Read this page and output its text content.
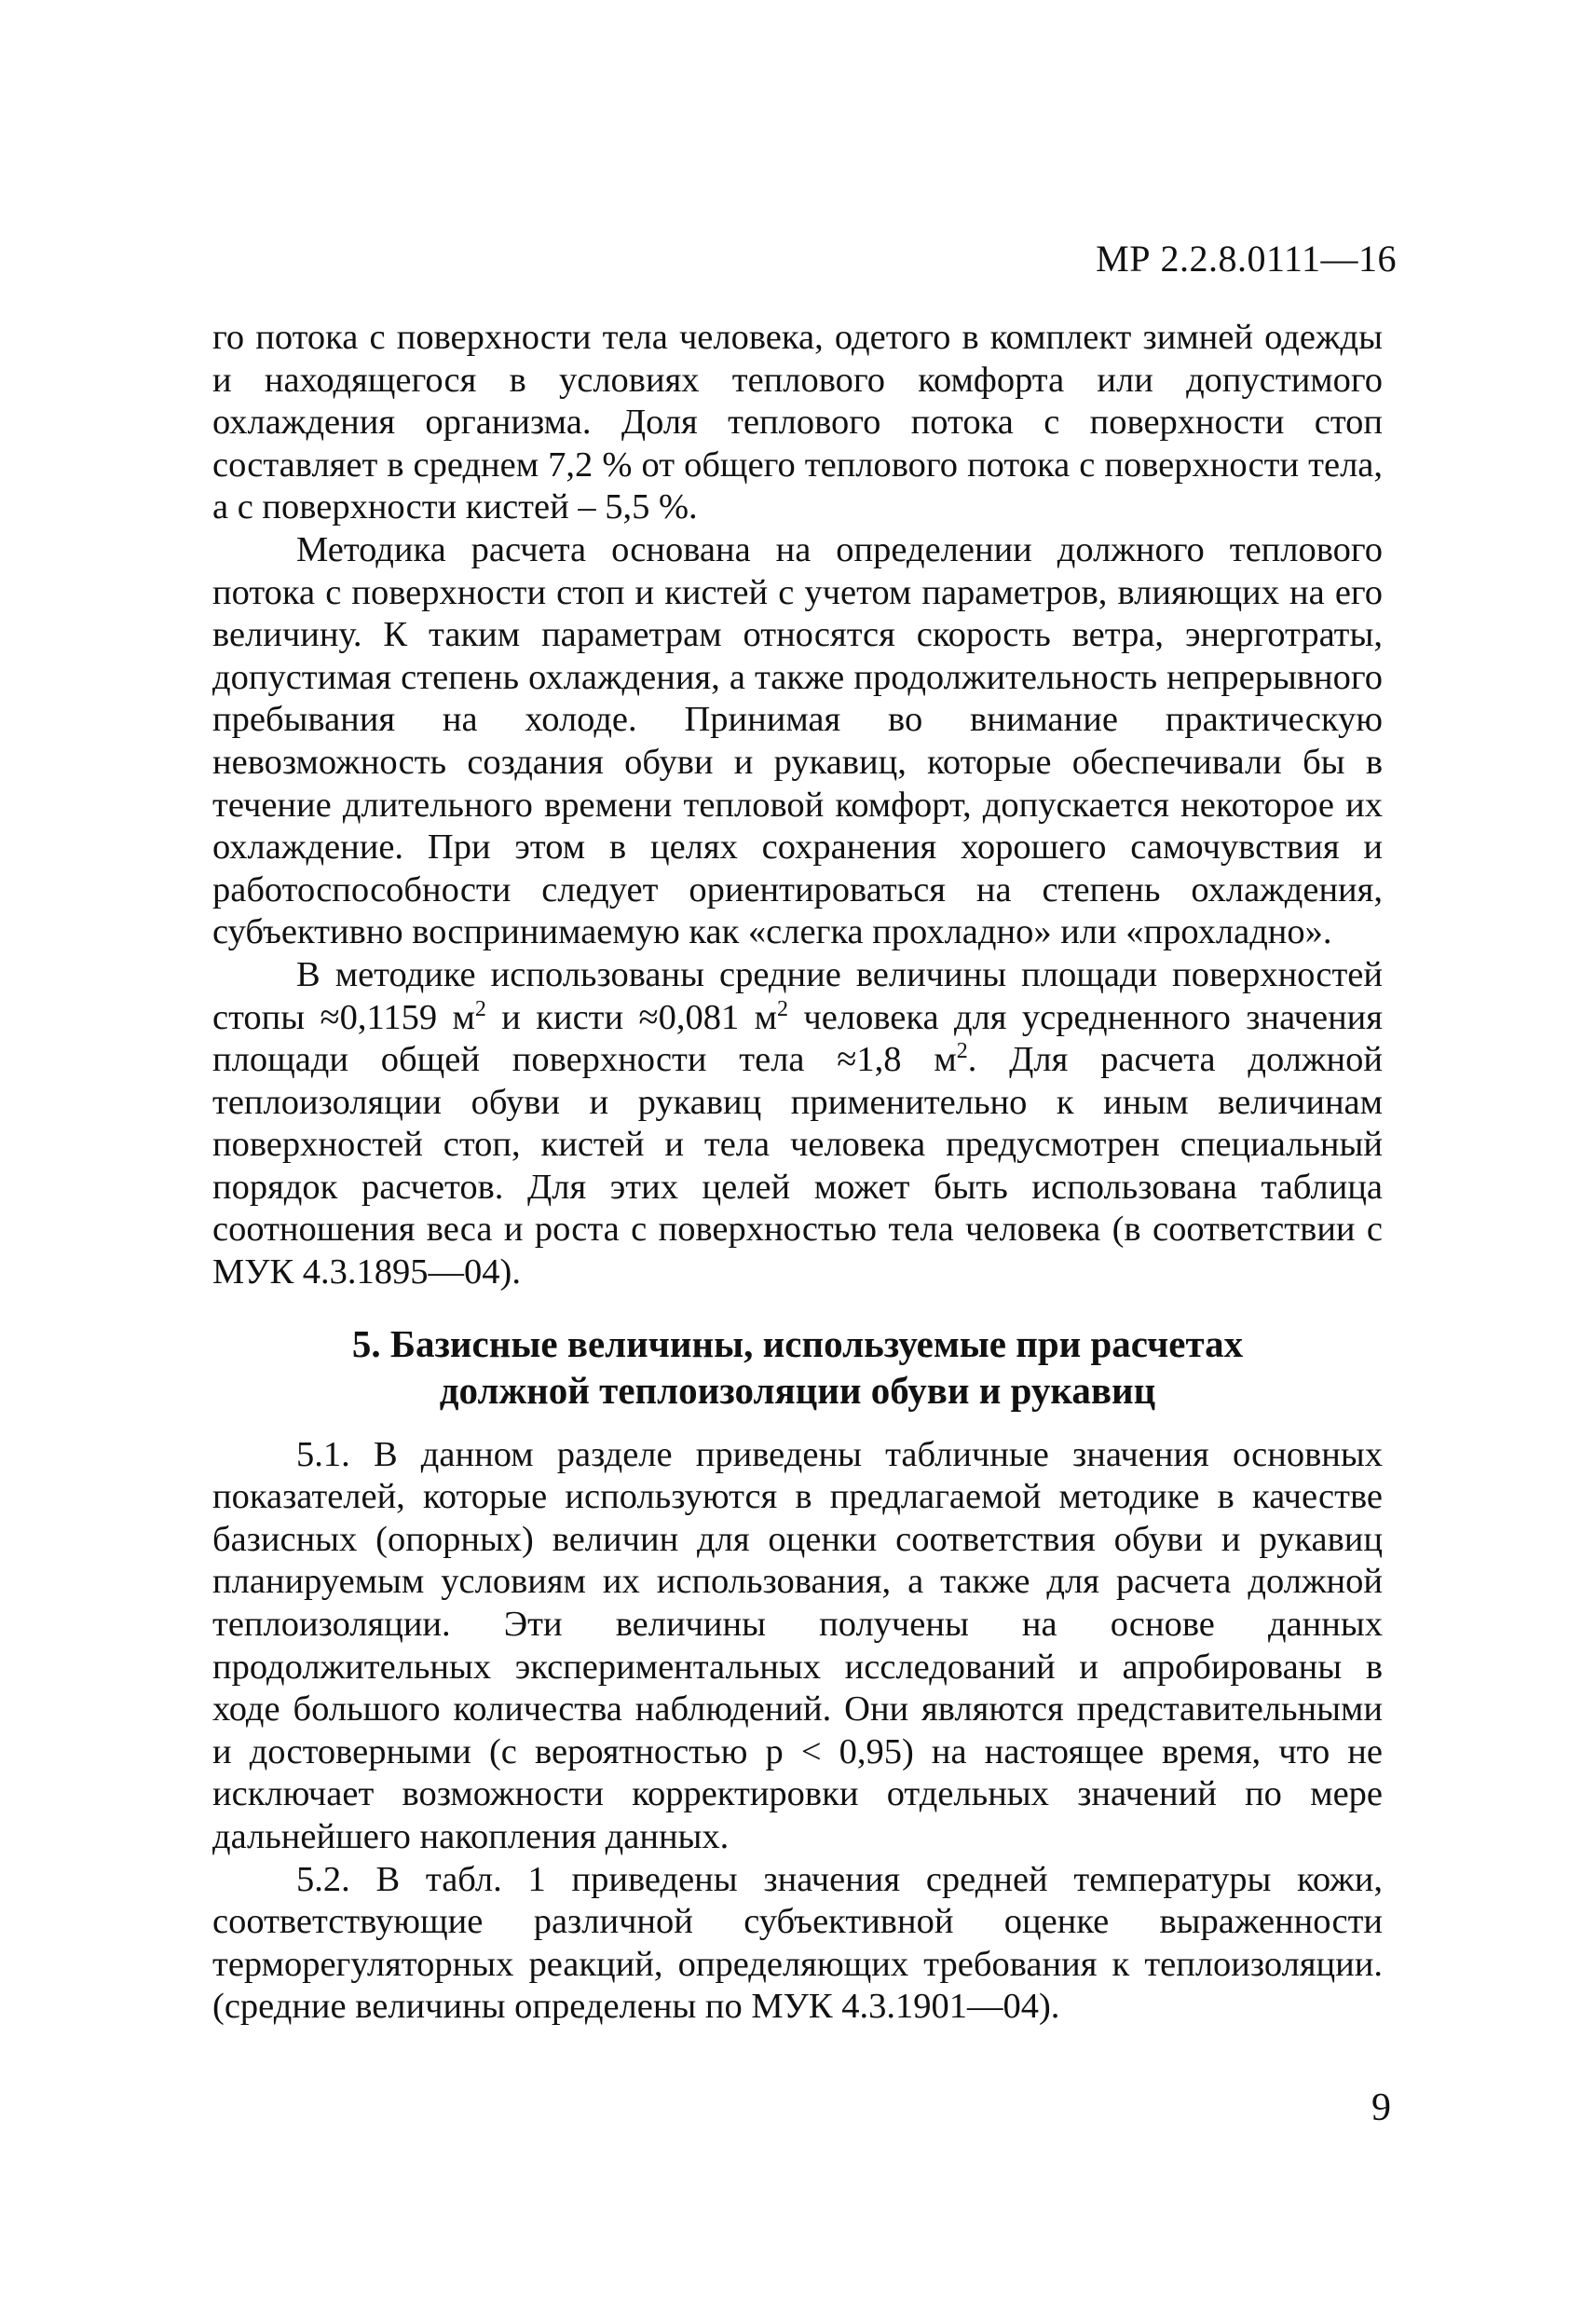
МР 2.2.8.0111—16

го потока с поверхности тела человека, одетого в комплект зимней одежды и находящегося в условиях теплового комфорта или допустимого охлаждения организма. Доля теплового потока с поверхности стоп составляет в среднем 7,2 % от общего теплового потока с поверхности тела, а с поверхности кистей – 5,5 %.

Методика расчета основана на определении должного теплового потока с поверхности стоп и кистей с учетом параметров, влияющих на его величину. К таким параметрам относятся скорость ветра, энерготраты, допустимая степень охлаждения, а также продолжительность непрерывного пребывания на холоде. Принимая во внимание практическую невозможность создания обуви и рукавиц, которые обеспечивали бы в течение длительного времени тепловой комфорт, допускается некоторое их охлаждение. При этом в целях сохранения хорошего самочувствия и работоспособности следует ориентироваться на степень охлаждения, субъективно воспринимаемую как «слегка прохладно» или «прохладно».

В методике использованы средние величины площади поверхностей стопы ≈0,1159 $м^2$ и кисти ≈0,081 $м^2$ человека для усредненного значения площади общей поверхности тела ≈1,8 $м^2$. Для расчета должной теплоизоляции обуви и рукавиц применительно к иным величинам поверхностей стоп, кистей и тела человека предусмотрен специальный порядок расчетов. Для этих целей может быть использована таблица соотношения веса и роста с поверхностью тела человека (в соответствии с МУК 4.3.1895—04).

5. Базисные величины, используемые при расчетах
должной теплоизоляции обуви и рукавиц

5.1. В данном разделе приведены табличные значения основных показателей, которые используются в предлагаемой методике в качестве базисных (опорных) величин для оценки соответствия обуви и рукавиц планируемым условиям их использования, а также для расчета должной теплоизоляции. Эти величины получены на основе данных продолжительных экспериментальных исследований и апробированы в ходе большого количества наблюдений. Они являются представительными и достоверными (с вероятностью p < 0,95) на настоящее время, что не исключает возможности корректировки отдельных значений по мере дальнейшего накопления данных.

5.2. В табл. 1 приведены значения средней температуры кожи, соответствующие различной субъективной оценке выраженности терморегуляторных реакций, определяющих требования к теплоизоляции. (средние величины определены по МУК 4.3.1901—04).

9
